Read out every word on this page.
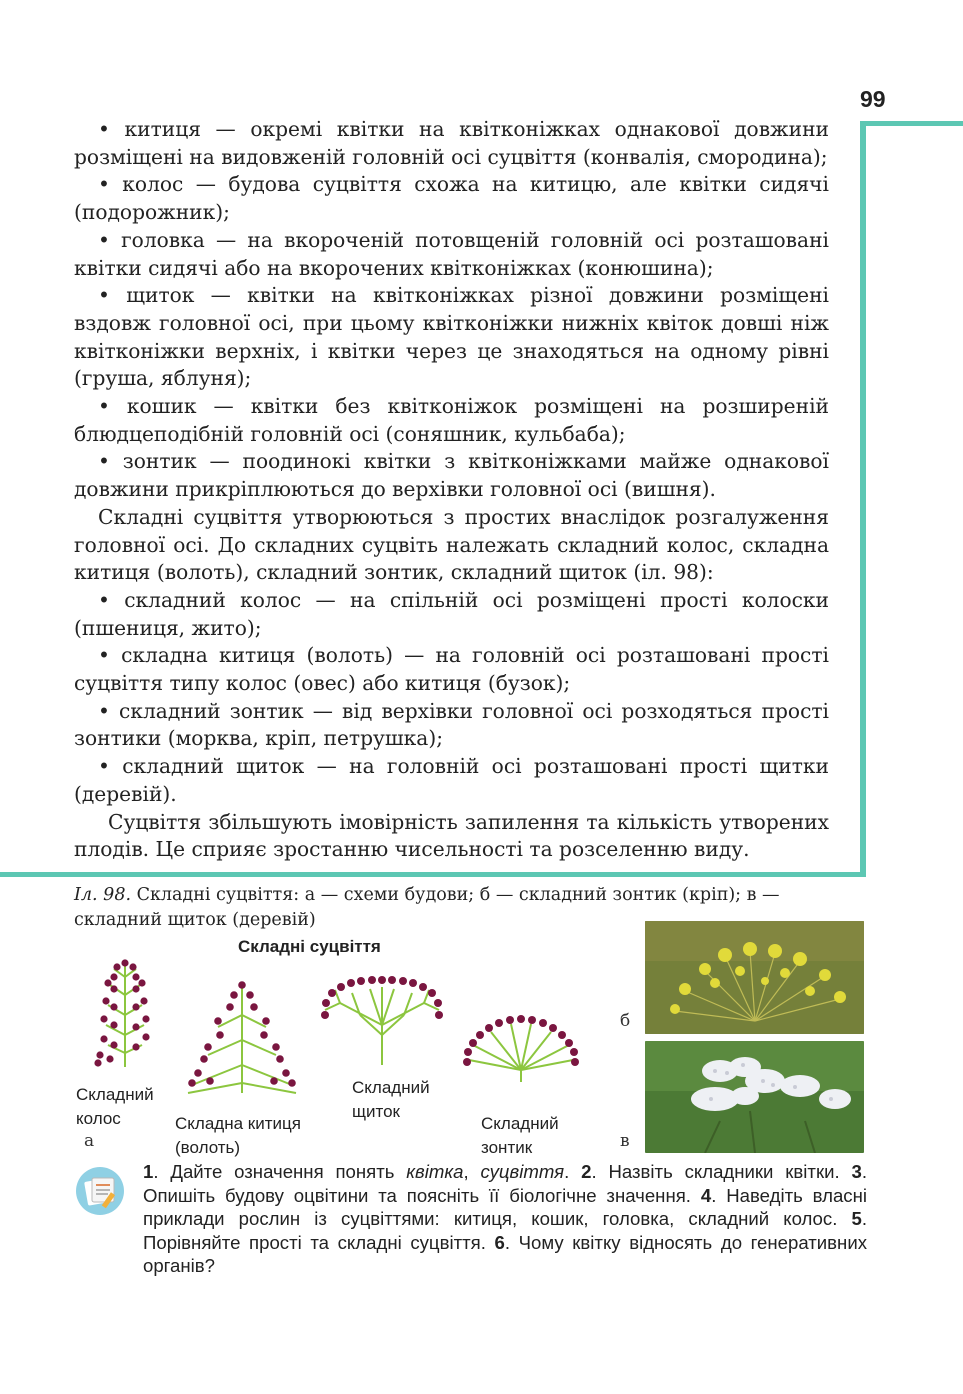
99

• китиця — окремі квітки на квітконіжках однакової довжини розміщені на видовженій головній осі суцвіття (конвалія, смородина);

• колос — будова суцвіття схожа на китицю, але квітки сидячі (подорожник);

• головка — на вкороченій потовщеній головній осі розташовані квітки сидячі або на вкорочених квітконіжках (конюшина);

• щиток — квітки на квітконіжках різної довжини розміщені вздовж головної осі, при цьому квітконіжки нижніх квіток довші ніж квітконіжки верхніх, і квітки через це знаходяться на одному рівні (груша, яблуня);

• кошик — квітки без квітконіжок розміщені на розширеній блюдцеподібній головній осі (соняшник, кульбаба);

• зонтик — поодинокі квітки з квітконіжками майже однакової довжини прикріплюються до верхівки головної осі (вишня).

Складні суцвіття утворюються з простих внаслідок розгалуження головної осі. До складних суцвіть належать складний колос, складна китиця (волоть), складний зонтик, складний щиток (іл. 98):

• складний колос — на спільній осі розміщені прості колоски (пшениця, жито);

• складна китиця (волоть) — на головній осі розташовані прості суцвіття типу колос (овес) або китиця (бузок);

• складний зонтик — від верхівки головної осі розходяться прості зонтики (морква, кріп, петрушка);

• складний щиток — на головній осі розташовані прості щитки (деревій).

Суцвіття збільшують імовірність запилення та кількість утворених плодів. Це сприяє зростанню чисельності та розселенню виду.

Іл. 98. Складні суцвіття: а — схеми будови; б — складний зонтик (кріп); в — складний щиток (деревій)
Складні суцвіття
Складний
колос
а
Складна китиця
(волоть)
Складний
щиток
Складний
зонтик
б
в
1. Дайте означення понять квітка, суцвіття. 2. Назвіть складники квітки. 3. Опишіть будову оцвітини та поясніть її біологічне значення. 4. Наведіть власні приклади рослин із суцвіттями: китиця, кошик, головка, складний колос. 5. Порівняйте прості та складні суцвіття. 6. Чому квітку відносять до генеративних органів?
